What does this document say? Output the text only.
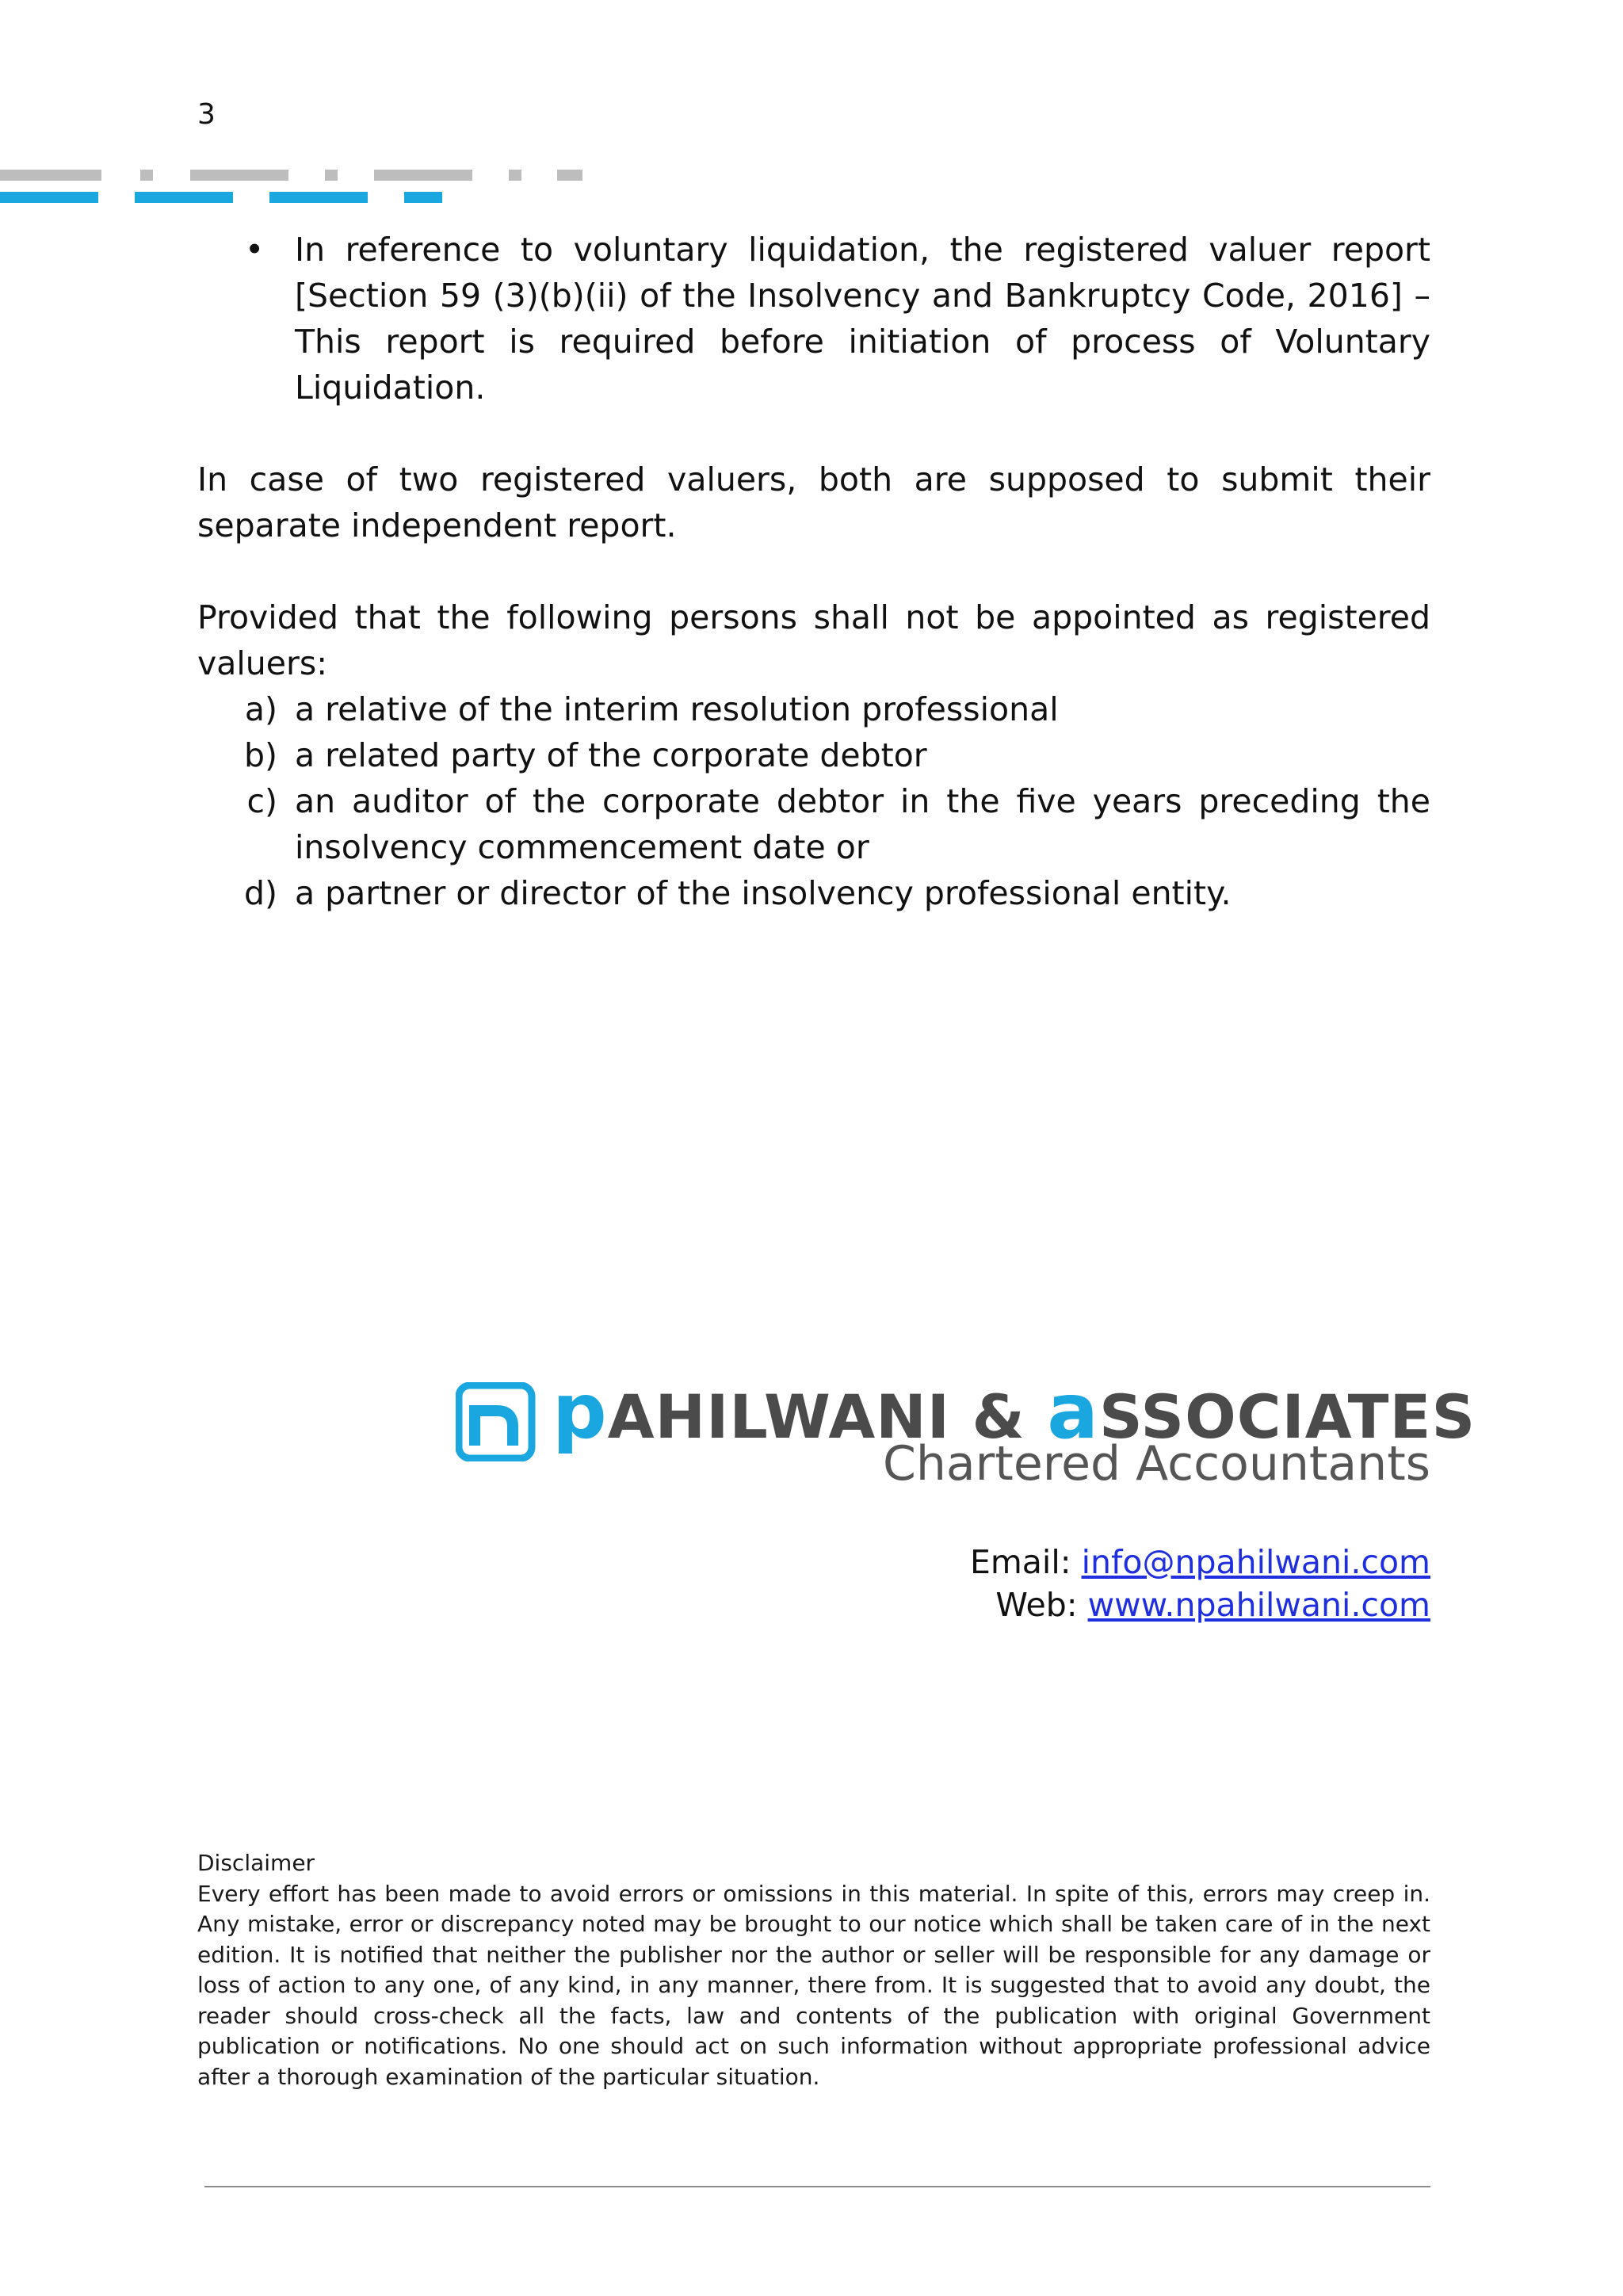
3
• In reference to voluntary liquidation, the registered valuer report [Section 59 (3)(b)(ii) of the Insolvency and Bankruptcy Code, 2016] – This report is required before initiation of process of Voluntary Liquidation.

In case of two registered valuers, both are supposed to submit their separate independent report.

Provided that the following persons shall not be appointed as registered valuers:

a) a relative of the interim resolution professional
b) a related party of the corporate debtor
c) an auditor of the corporate debtor in the five years preceding the insolvency commencement date or
d) a partner or director of the insolvency professional entity.
pAHILWANI & aSSOCIATES
Chartered Accountants
Email: info@npahilwani.com
Web: www.npahilwani.com
Disclaimer

Every effort has been made to avoid errors or omissions in this material. In spite of this, errors may creep in. Any mistake, error or discrepancy noted may be brought to our notice which shall be taken care of in the next edition. It is notified that neither the publisher nor the author or seller will be responsible for any damage or loss of action to any one, of any kind, in any manner, there from. It is suggested that to avoid any doubt, the reader should cross-check all the facts, law and contents of the publication with original Government publication or notifications. No one should act on such information without appropriate professional advice after a thorough examination of the particular situation.
